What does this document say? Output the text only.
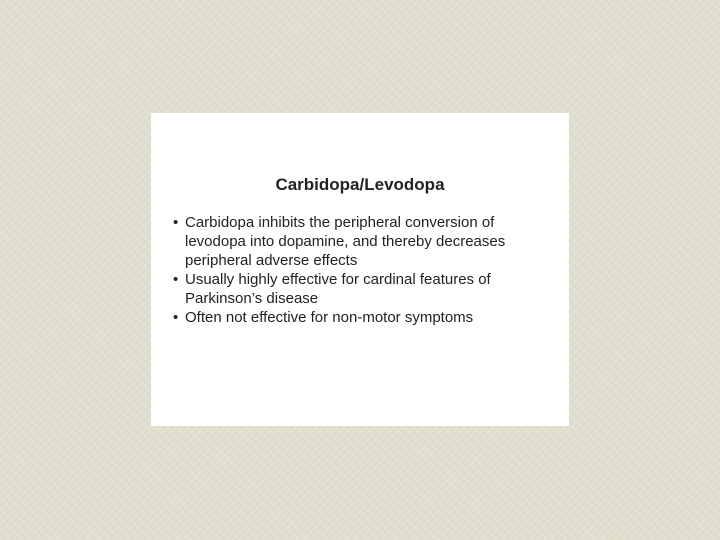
Carbidopa/Levodopa
• Carbidopa inhibits the peripheral conversion of levodopa into dopamine, and thereby decreases peripheral adverse effects
• Usually highly effective for cardinal features of Parkinson’s disease
• Often not effective for non-motor symptoms
